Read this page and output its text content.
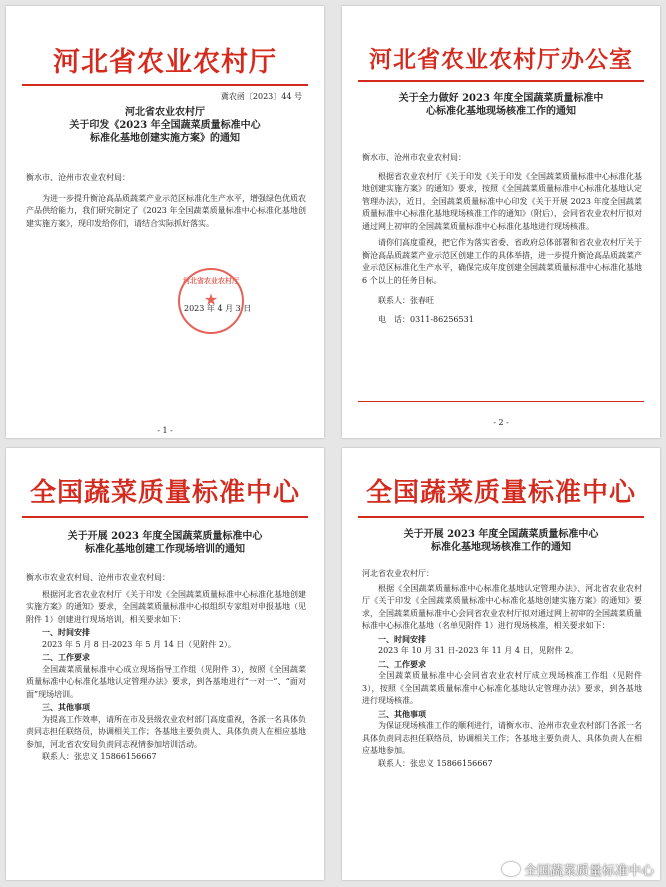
河北省农业农村厅
冀农函〔2023〕44 号
河北省农业农村厅
关于印发《2023 年全国蔬菜质量标准中心
标准化基地创建实施方案》的通知

衡水市、沧州市农业农村局：

为进一步提升衡沧高品质蔬菜产业示范区标准化生产水平，增强绿色优质农产品供给能力，我们研究制定了《2023 年全国蔬菜质量标准中心标准化基地创建实施方案》，现印发给你们，请结合实际抓好落实。

河北省农业农村厅
★
2023 年 4 月 3 日
- 1 -
河北省农业农村厅办公室
关于全力做好 2023 年度全国蔬菜质量标准中
心标准化基地现场核准工作的通知

衡水市、沧州市农业农村局：

根据省农业农村厅《关于印发《关于印发《全国蔬菜质量标准中心标准化基地创建实施方案》的通知》要求，按照《全国蔬菜质量标准中心标准化基地认定管理办法》，近日，全国蔬菜质量标准中心印发《关于开展 2023 年度全国蔬菜质量标准中心标准化基地现场核准工作的通知》（附后），会同省农业农村厅拟对通过网上初审的全国蔬菜质量标准中心标准化基地进行现场核准。

请你们高度重视，把它作为落实省委、省政府总体部署和省农业农村厅关于衡沧高品质蔬菜产业示范区创建工作的具体举措，进一步提升衡沧高品质蔬菜产业示范区标准化生产水平，确保完成年度创建全国蔬菜质量标准中心标准化基地 6 个以上的任务目标。

联系人：张春旺

电　话：0311-86256531

- 2 -
全国蔬菜质量标准中心
关于开展 2023 年度全国蔬菜质量标准中心
标准化基地创建工作现场培训的通知

衡水市农业农村局、沧州市农业农村局：

根据河北省农业农村厅《关于印发《全国蔬菜质量标准中心标准化基地创建实施方案》的通知》要求，全国蔬菜质量标准中心拟组织专家组对申报基地（见附件 1）创建进行现场培训，相关要求如下：

一、时间安排

2023 年 5 月 8 日-2023 年 5 月 14 日（见附件 2）。

二、工作要求

全国蔬菜质量标准中心成立现场指导工作组（见附件 3），按照《全国蔬菜质量标准中心标准化基地认定管理办法》要求，到各基地进行“一对一”、“面对面”现场培训。

三、其他事项

为提高工作效率，请所在市及县级农业农村部门高度重视，各派一名具体负责同志担任联络员，协调相关工作；各基地主要负责人、具体负责人在相应基地参加，河北省农安局负责同志视情参加培训活动。

联系人：张忠义 15866156667

全国蔬菜质量标准中心
关于开展 2023 年度全国蔬菜质量标准中心
标准化基地现场核准工作的通知

河北省农业农村厅：

根据《全国蔬菜质量标准中心标准化基地认定管理办法》、河北省农业农村厅《关于印发《全国蔬菜质量标准中心标准化基地创建实施方案》的通知》要求，全国蔬菜质量标准中心会同省农业农村厅拟对通过网上初审的全国蔬菜质量标准中心标准化基地（名单见附件 1）进行现场核准，相关要求如下：

一、时间安排

2023 年 10 月 31 日-2023 年 11 月 4 日，见附件 2。

二、工作要求

全国蔬菜质量标准中心会同省农业农村厅成立现场核准工作组（见附件 3），按照《全国蔬菜质量标准中心标准化基地认定管理办法》要求，到各基地进行现场核准。

三、其他事项

为保证现场核准工作的顺利进行，请衡水市、沧州市农业农村部门各派一名具体负责同志担任联络员，协调相关工作；各基地主要负责人、具体负责人在相应基地参加。

联系人：张忠义 15866156667

全国蔬菜质量标准中心
